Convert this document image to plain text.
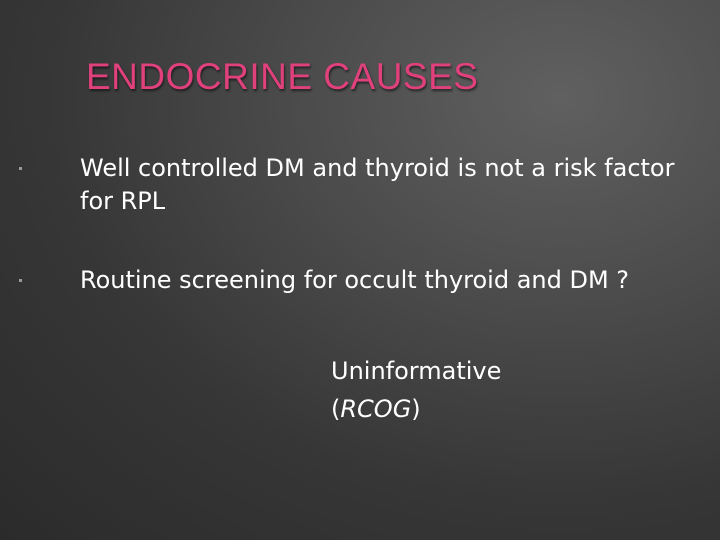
ENDOCRINE CAUSES
Well controlled DM and thyroid is not a risk factor for RPL
Routine screening for occult thyroid and DM ?
Uninformative
(RCOG)
